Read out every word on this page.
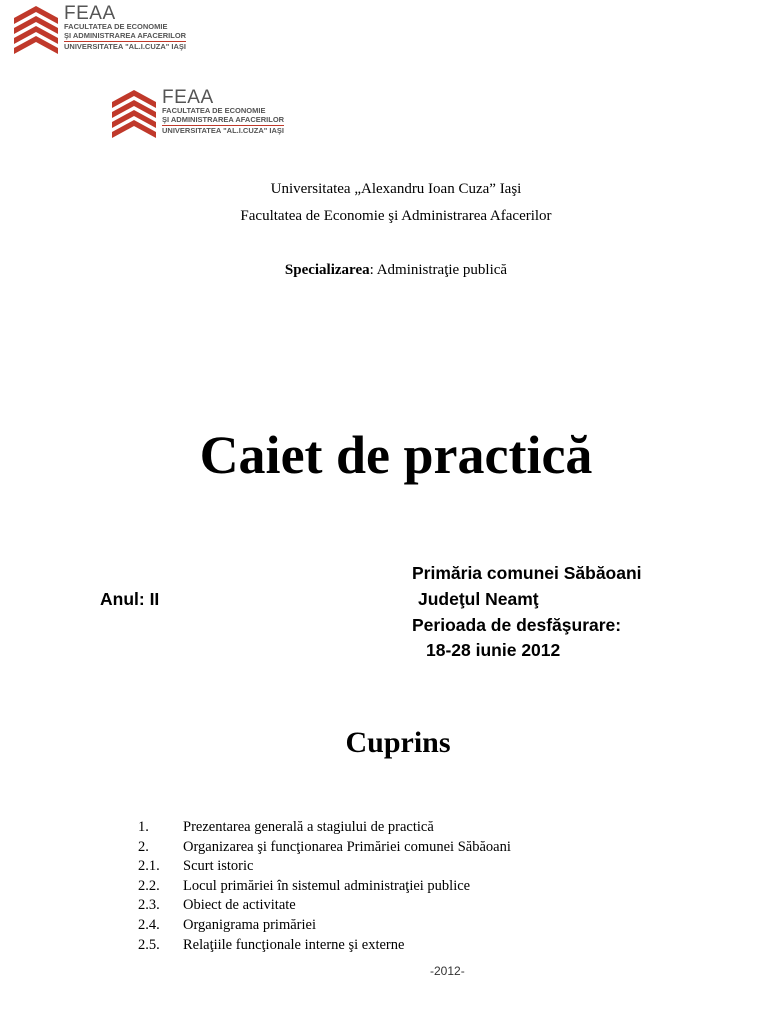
FEAA
FACULTATEA DE ECONOMIE
ŞI ADMINISTRAREA AFACERILOR
UNIVERSITATEA "AL.I.CUZA" IAŞI
FEAA
FACULTATEA DE ECONOMIE
ŞI ADMINISTRAREA AFACERILOR
UNIVERSITATEA "AL.I.CUZA" IAŞI
Universitatea „Alexandru Ioan Cuza” Iaşi
Facultatea de Economie şi Administrarea Afacerilor
Specializarea: Administraţie publică
Caiet de practică
Primăria comunei Săbăoani
Anul: II	Judeţul Neamţ
Perioada de desfăşurare:
18-28 iunie 2012
Cuprins
1.	Prezentarea generală a stagiului de practică
2.	Organizarea şi funcţionarea Primăriei comunei Săbăoani
2.1.	Scurt istoric
2.2.	Locul primăriei în sistemul administraţiei publice
2.3.	Obiect de activitate
2.4.	Organigrama primăriei
2.5.	Relaţiile funcţionale interne şi externe
-2012-
